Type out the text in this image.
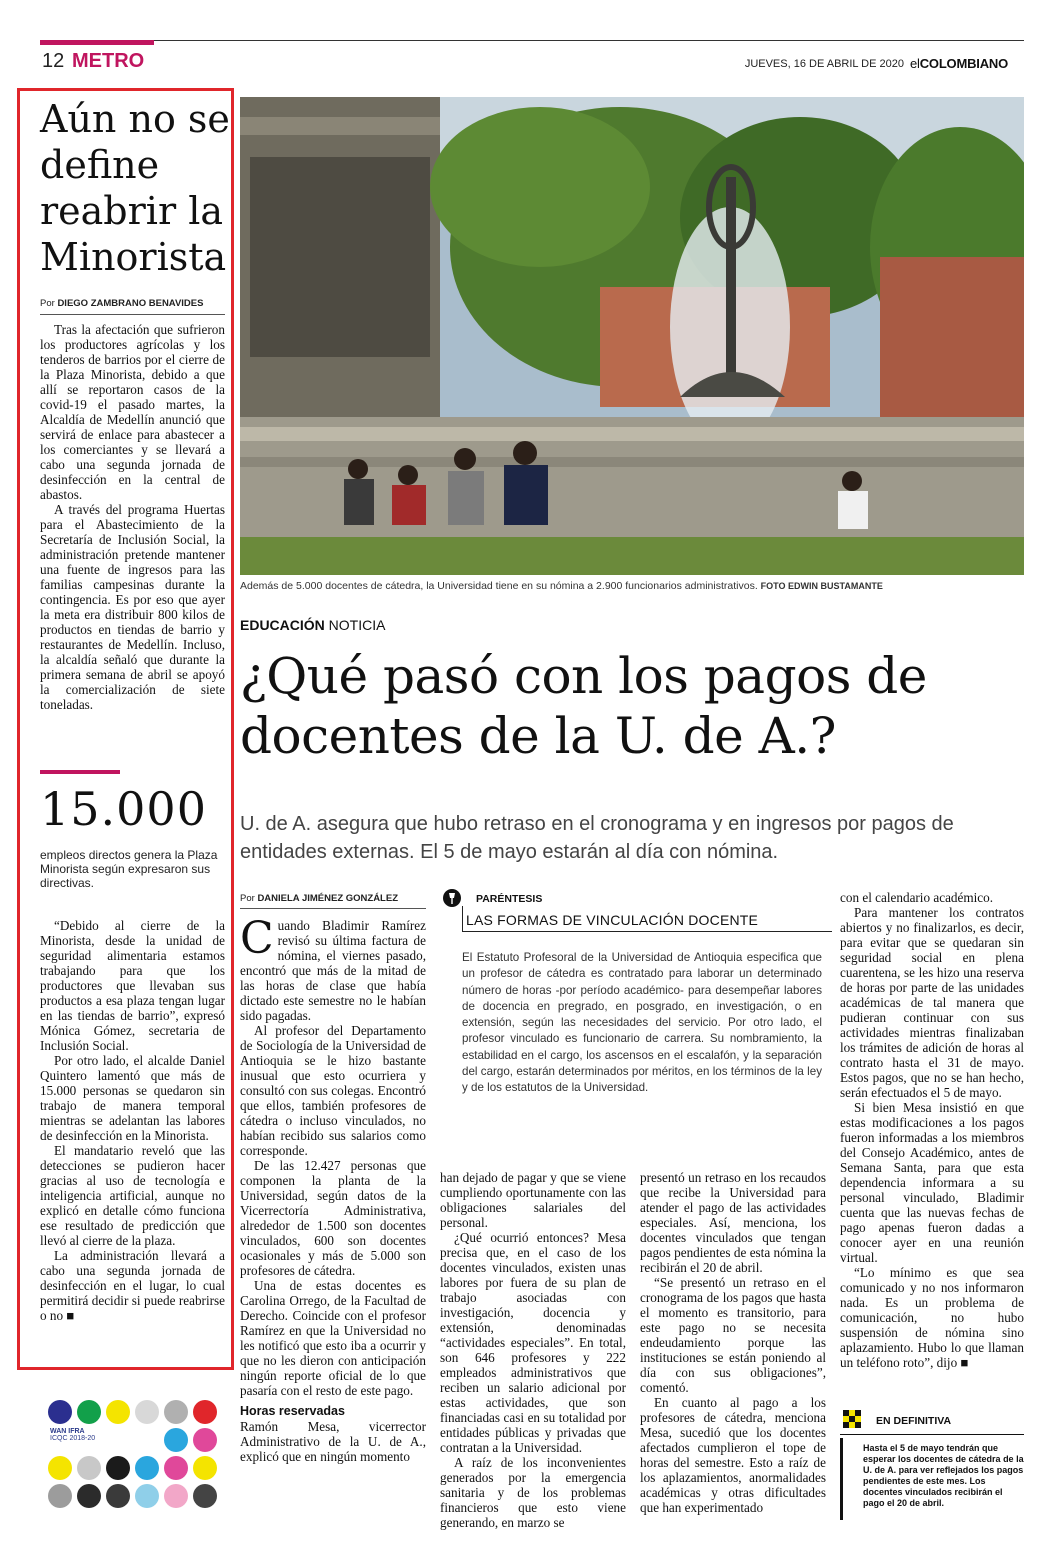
12 METRO	JUEVES, 16 DE ABRIL DE 2020 elCOLOMBIANO
Aún no se define reabrir la Minorista
Por DIEGO ZAMBRANO BENAVIDES

Tras la afectación que sufrieron los productores agrícolas y los tenderos de barrios por el cierre de la Plaza Minorista, debido a que allí se reportaron casos de la covid-19 el pasado martes, la Alcaldía de Medellín anunció que servirá de enlace para abastecer a los comerciantes y se llevará a cabo una segunda jornada de desinfección en la central de abastos.

A través del programa Huertas para el Abastecimiento de la Secretaría de Inclusión Social, la administración pretende mantener una fuente de ingresos para las familias campesinas durante la contingencia. Es por eso que ayer la meta era distribuir 800 kilos de productos en tiendas de barrio y restaurantes de Medellín. Incluso, la alcaldía señaló que durante la primera semana de abril se apoyó la comercialización de siete toneladas.

15.000
empleos directos genera la Plaza Minorista según expresaron sus directivas.

“Debido al cierre de la Minorista, desde la unidad de seguridad alimentaria estamos trabajando para que los productores que llevaban sus productos a esa plaza tengan lugar en las tiendas de barrio”, expresó Mónica Gómez, secretaria de Inclusión Social.

Por otro lado, el alcalde Daniel Quintero lamentó que más de 15.000 personas se quedaron sin trabajo de manera temporal mientras se adelantan las labores de desinfección en la Minorista.

El mandatario reveló que las detecciones se pudieron hacer gracias al uso de tecnología e inteligencia artificial, aunque no explicó en detalle cómo funciona ese resultado de predicción que llevó al cierre de la plaza.

La administración llevará a cabo una segunda jornada de desinfección en el lugar, lo cual permitirá decidir si puede reabrirse o no ■

Además de 5.000 docentes de cátedra, la Universidad tiene en su nómina a 2.900 funcionarios administrativos. FOTO EDWIN BUSTAMANTE
EDUCACIÓN NOTICIA
¿Qué pasó con los pagos de docentes de la U. de A.?
U. de A. asegura que hubo retraso en el cronograma y en ingresos por pagos de entidades externas. El 5 de mayo estarán al día con nómina.
Por DANIELA JIMÉNEZ GONZÁLEZ

Cuando Bladimir Ramírez revisó su última factura de nómina, el viernes pasado, encontró que más de la mitad de las horas de clase que había dictado este semestre no le habían sido pagadas.

Al profesor del Departamento de Sociología de la Universidad de Antioquia se le hizo bastante inusual que esto ocurriera y consultó con sus colegas. Encontró que ellos, también profesores de cátedra o incluso vinculados, no habían recibido sus salarios como corresponde.

De las 12.427 personas que componen la planta de la Universidad, según datos de la Vicerrectoría Administrativa, alrededor de 1.500 son docentes vinculados, 600 son docentes ocasionales y más de 5.000 son profesores de cátedra.

Una de estas docentes es Carolina Orrego, de la Facultad de Derecho. Coincide con el profesor Ramírez en que la Universidad no les notificó que esto iba a ocurrir y que no les dieron con anticipación ningún reporte oficial de lo que pasaría con el resto de este pago.

Horas reservadas

Ramón Mesa, vicerrector Administrativo de la U. de A., explicó que en ningún momento

PARÉNTESIS
LAS FORMAS DE VINCULACIÓN DOCENTE
El Estatuto Profesoral de la Universidad de Antioquia especifica que un profesor de cátedra es contratado para laborar un determinado número de horas -por período académico- para desempeñar labores de docencia en pregrado, en posgrado, en investigación, o en extensión, según las necesidades del servicio. Por otro lado, el profesor vinculado es funcionario de carrera. Su nombramiento, la estabilidad en el cargo, los ascensos en el escalafón, y la separación del cargo, estarán determinados por méritos, en los términos de la ley y de los estatutos de la Universidad.

han dejado de pagar y que se viene cumpliendo oportunamente con las obligaciones salariales del personal.

¿Qué ocurrió entonces? Mesa precisa que, en el caso de los docentes vinculados, existen unas labores por fuera de su plan de trabajo asociadas con investigación, docencia y extensión, denominadas “actividades especiales”. En total, son 646 profesores y 222 empleados administrativos que reciben un salario adicional por estas actividades, que son financiadas casi en su totalidad por entidades públicas y privadas que contratan a la Universidad.

A raíz de los inconvenientes generados por la emergencia sanitaria y de los problemas financieros que esto viene generando, en marzo se

presentó un retraso en los recaudos que recibe la Universidad para atender el pago de las actividades especiales. Así, menciona, los docentes vinculados que tengan pagos pendientes de esta nómina la recibirán el 20 de abril.

“Se presentó un retraso en el cronograma de los pagos que hasta el momento es transitorio, para este pago no se necesita endeudamiento porque las instituciones se están poniendo al día con sus obligaciones”, comentó.

En cuanto al pago a los profesores de cátedra, menciona Mesa, sucedió que los docentes afectados cumplieron el tope de horas del semestre. Esto a raíz de los aplazamientos, anormalidades académicas y otras dificultades que han experimentado

con el calendario académico.

Para mantener los contratos abiertos y no finalizarlos, es decir, para evitar que se quedaran sin seguridad social en plena cuarentena, se les hizo una reserva de horas por parte de las unidades académicas de tal manera que pudieran continuar con sus actividades mientras finalizaban los trámites de adición de horas al contrato hasta el 31 de mayo. Estos pagos, que no se han hecho, serán efectuados el 5 de mayo.

Si bien Mesa insistió en que estas modificaciones a los pagos fueron informadas a los miembros del Consejo Académico, antes de Semana Santa, para que esta dependencia informara a su personal vinculado, Bladimir cuenta que las nuevas fechas de pago apenas fueron dadas a conocer ayer en una reunión virtual.

“Lo mínimo es que sea comunicado y no nos informaron nada. Es un problema de comunicación, no hubo suspensión de nómina sino aplazamiento. Hubo lo que llaman un teléfono roto”, dijo ■

EN DEFINITIVA
Hasta el 5 de mayo tendrán que esperar los docentes de cátedra de la U. de A. para ver reflejados los pagos pendientes de este mes. Los docentes vinculados recibirán el pago el 20 de abril.
WAN IFRA
ICQC 2018-20
